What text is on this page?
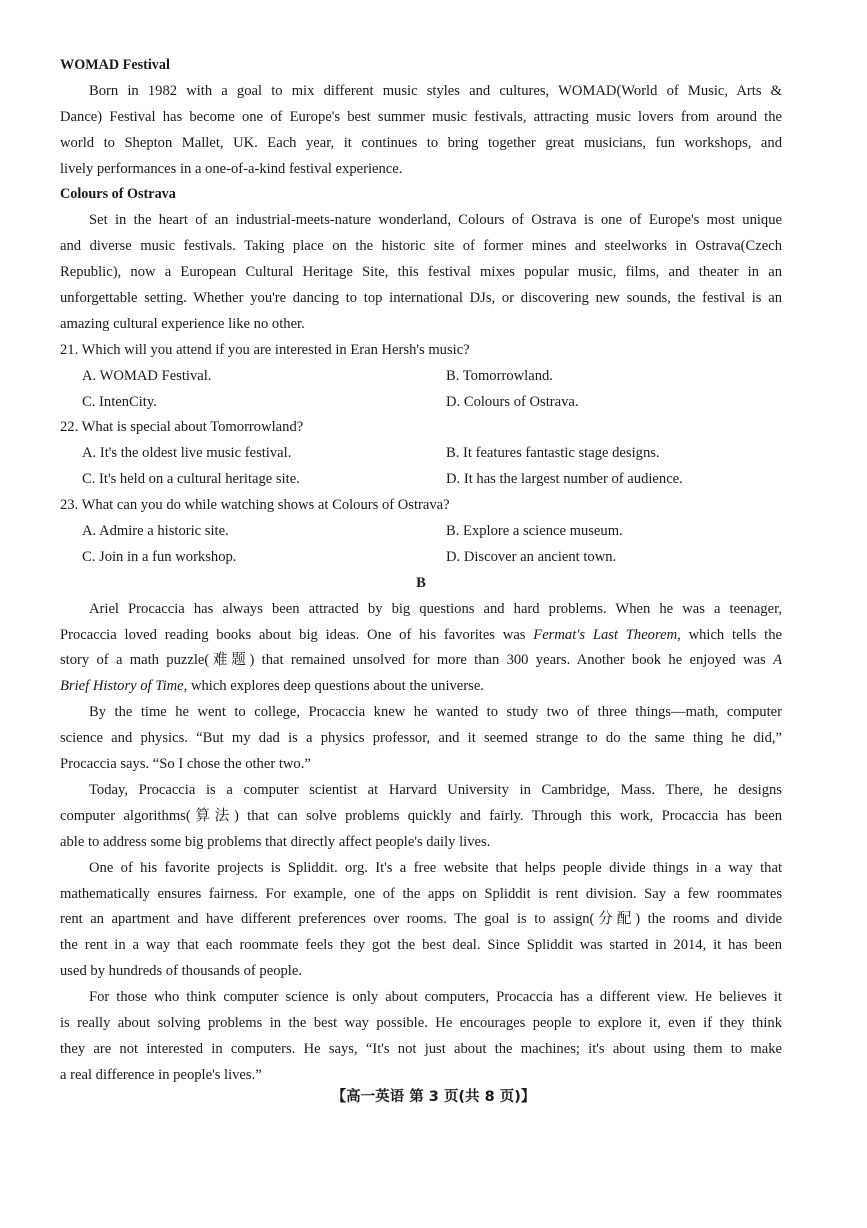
WOMAD Festival
Born in 1982 with a goal to mix different music styles and cultures, WOMAD(World of Music, Arts &
Dance) Festival has become one of Europe's best summer music festivals, attracting music lovers from around the
world to Shepton Mallet, UK. Each year, it continues to bring together great musicians, fun workshops, and
lively performances in a one-of-a-kind festival experience.
Colours of Ostrava
Set in the heart of an industrial-meets-nature wonderland, Colours of Ostrava is one of Europe's most unique
and diverse music festivals. Taking place on the historic site of former mines and steelworks in Ostrava(Czech
Republic), now a European Cultural Heritage Site, this festival mixes popular music, films, and theater in an
unforgettable setting. Whether you're dancing to top international DJs, or discovering new sounds, the festival is an
amazing cultural experience like no other.
21. Which will you attend if you are interested in Eran Hersh's music?
A. WOMAD Festival.	B. Tomorrowland.
C. IntenCity.	D. Colours of Ostrava.
22. What is special about Tomorrowland?
A. It's the oldest live music festival.	B. It features fantastic stage designs.
C. It's held on a cultural heritage site.	D. It has the largest number of audience.
23. What can you do while watching shows at Colours of Ostrava?
A. Admire a historic site.	B. Explore a science museum.
C. Join in a fun workshop.	D. Discover an ancient town.
B
Ariel Procaccia has always been attracted by big questions and hard problems. When he was a teenager,
Procaccia loved reading books about big ideas. One of his favorites was Fermat's Last Theorem, which tells the
story of a math puzzle(难题) that remained unsolved for more than 300 years. Another book he enjoyed was A
Brief History of Time, which explores deep questions about the universe.
By the time he went to college, Procaccia knew he wanted to study two of three things—math, computer
science and physics. “But my dad is a physics professor, and it seemed strange to do the same thing he did,”
Procaccia says. “So I chose the other two.”
Today, Procaccia is a computer scientist at Harvard University in Cambridge, Mass. There, he designs
computer algorithms(算法) that can solve problems quickly and fairly. Through this work, Procaccia has been
able to address some big problems that directly affect people's daily lives.
One of his favorite projects is Spliddit. org. It's a free website that helps people divide things in a way that
mathematically ensures fairness. For example, one of the apps on Spliddit is rent division. Say a few roommates
rent an apartment and have different preferences over rooms. The goal is to assign(分配) the rooms and divide
the rent in a way that each roommate feels they got the best deal. Since Spliddit was started in 2014, it has been
used by hundreds of thousands of people.
For those who think computer science is only about computers, Procaccia has a different view. He believes it
is really about solving problems in the best way possible. He encourages people to explore it, even if they think
they are not interested in computers. He says, “It's not just about the machines; it's about using them to make
a real difference in people's lives.”
【高一英语 第 3 页(共 8 页)】
